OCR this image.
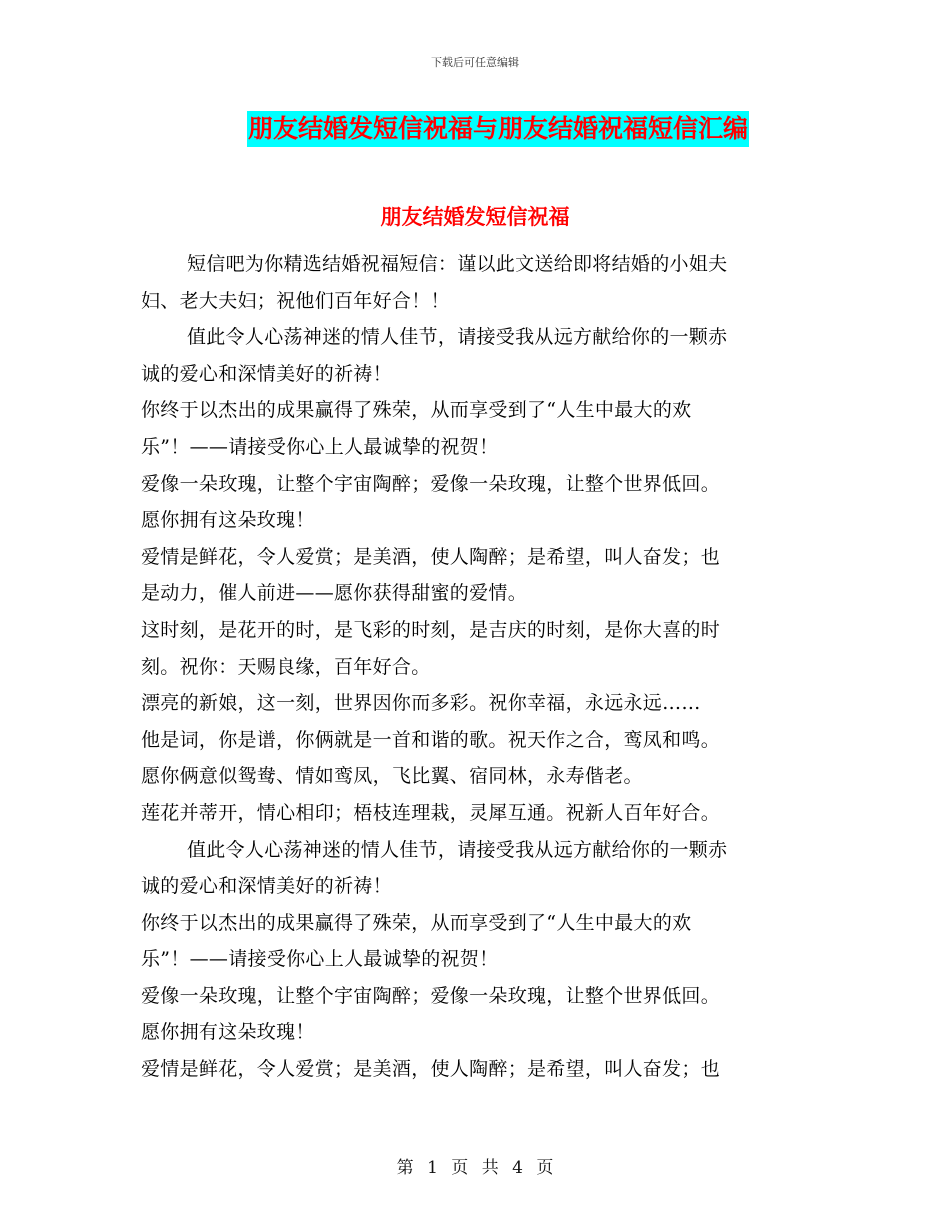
下载后可任意编辑
朋友结婚发短信祝福与朋友结婚祝福短信汇编
朋友结婚发短信祝福

短信吧为你精选结婚祝福短信：谨以此文送给即将结婚的小姐夫

妇、老大夫妇；祝他们百年好合！！

值此令人心荡神迷的情人佳节，请接受我从远方献给你的一颗赤

诚的爱心和深情美好的祈祷！

你终于以杰出的成果赢得了殊荣，从而享受到了“人生中最大的欢

乐”！——请接受你心上人最诚挚的祝贺！

爱像一朵玫瑰，让整个宇宙陶醉；爱像一朵玫瑰，让整个世界低回。

愿你拥有这朵玫瑰！

爱情是鲜花，令人爱赏；是美酒，使人陶醉；是希望，叫人奋发；也

是动力，催人前进——愿你获得甜蜜的爱情。

这时刻，是花开的时，是飞彩的时刻，是吉庆的时刻，是你大喜的时

刻。祝你：天赐良缘，百年好合。

漂亮的新娘，这一刻，世界因你而多彩。祝你幸福，永远永远……

他是词，你是谱，你俩就是一首和谐的歌。祝天作之合，鸾凤和鸣。

愿你俩意似鸳鸯、情如鸾凤，飞比翼、宿同林，永寿偕老。

莲花并蒂开，情心相印；梧枝连理栽，灵犀互通。祝新人百年好合。

值此令人心荡神迷的情人佳节，请接受我从远方献给你的一颗赤

诚的爱心和深情美好的祈祷！

你终于以杰出的成果赢得了殊荣，从而享受到了“人生中最大的欢

乐”！——请接受你心上人最诚挚的祝贺！

爱像一朵玫瑰，让整个宇宙陶醉；爱像一朵玫瑰，让整个世界低回。

愿你拥有这朵玫瑰！

爱情是鲜花，令人爱赏；是美酒，使人陶醉；是希望，叫人奋发；也

第 1 页 共 4 页
